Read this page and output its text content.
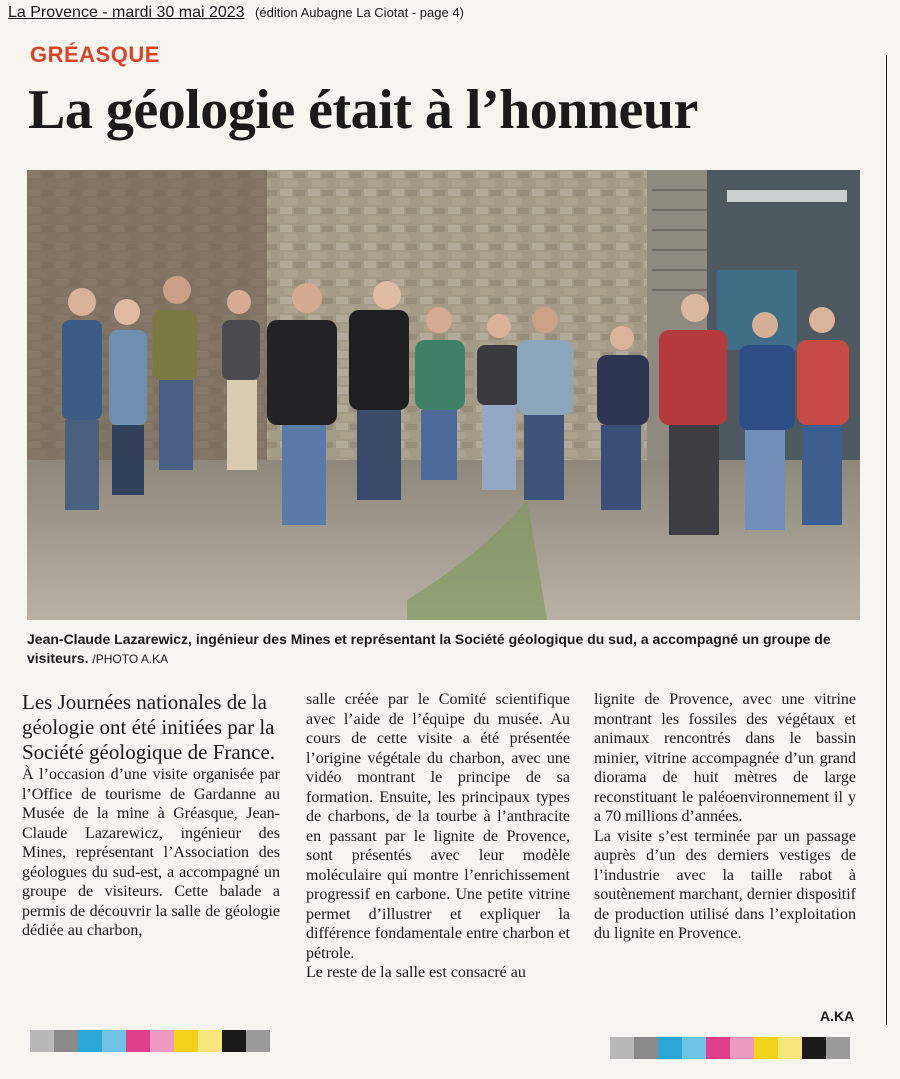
La Provence - mardi 30 mai 2023 (édition Aubagne La Ciotat - page 4)
GRÉASQUE
La géologie était à l’honneur
Jean-Claude Lazarewicz, ingénieur des Mines et représentant la Société géologique du sud, a accompagné un groupe de visiteurs. /PHOTO A.KA

Les Journées nationales de la géologie ont été initiées par la Société géologique de France.

À l’occasion d’une visite organisée par l’Office de tourisme de Gardanne au Musée de la mine à Gréasque, Jean-Claude Lazarewicz, ingénieur des Mines, représentant l’Association des géologues du sud-est, a accompagné un groupe de visiteurs. Cette balade a permis de découvrir la salle de géologie dédiée au charbon,

salle créée par le Comité scientifique avec l’aide de l’équipe du musée. Au cours de cette visite a été présentée l’origine végétale du charbon, avec une vidéo montrant le principe de sa formation. Ensuite, les principaux types de charbons, de la tourbe à l’anthracite en passant par le lignite de Provence, sont présentés avec leur modèle moléculaire qui montre l’enrichissement progressif en carbone. Une petite vitrine permet d’illustrer et expliquer la différence fondamentale entre charbon et pétrole.

Le reste de la salle est consacré au

lignite de Provence, avec une vitrine montrant les fossiles des végétaux et animaux rencontrés dans le bassin minier, vitrine accompagnée d’un grand diorama de huit mètres de large reconstituant le paléoenvironnement il y a 70 millions d’années.

La visite s’est terminée par un passage auprès d’un des derniers vestiges de l’industrie avec la taille rabot à soutènement marchant, dernier dispositif de production utilisé dans l’exploitation du lignite en Provence.

A.KA
